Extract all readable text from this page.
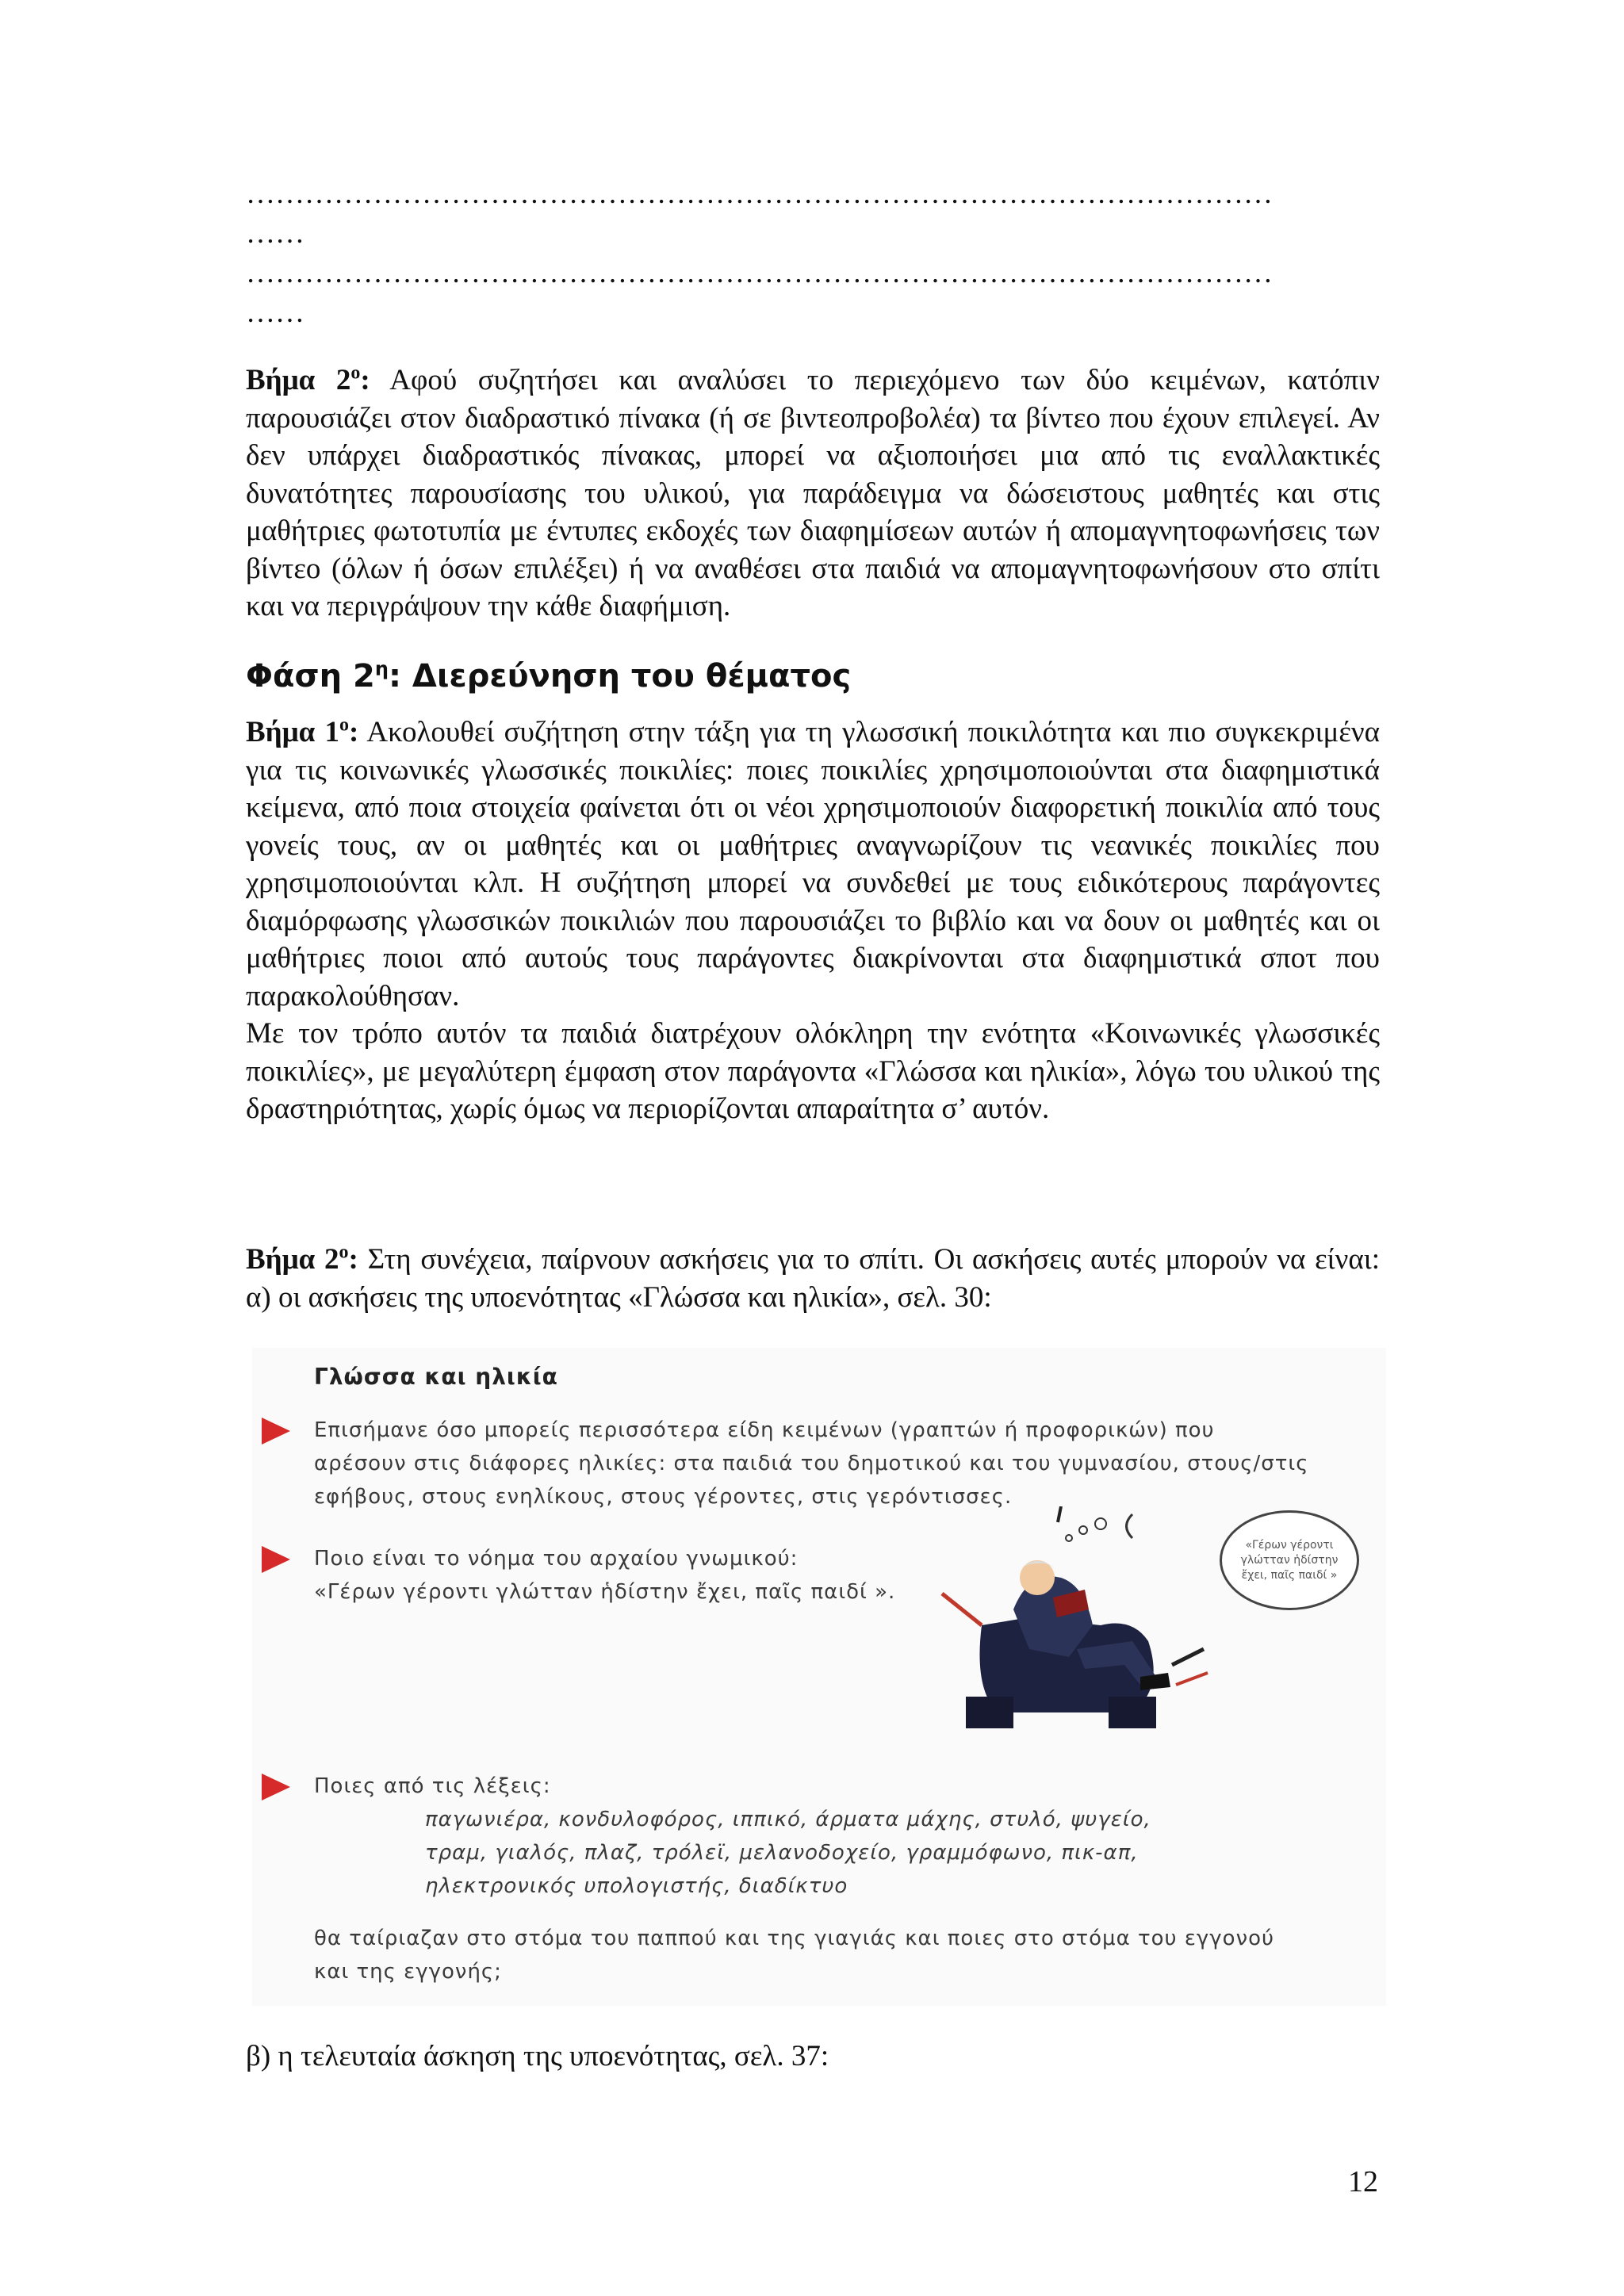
……………………………………………………………………………………………
……
……………………………………………………………………………………………
……

Βήμα $2^o$: Αφού συζητήσει και αναλύσει το περιεχόμενο των δύο κειμένων, κατόπιν παρουσιάζει στον διαδραστικό πίνακα (ή σε βιντεοπροβολέα) τα βίντεο που έχουν επιλεγεί. Αν δεν υπάρχει διαδραστικός πίνακας, μπορεί να αξιοποιήσει μια από τις εναλλακτικές δυνατότητες παρουσίασης του υλικού, για παράδειγμα να δώσειστους μαθητές και στις μαθήτριες φωτοτυπία με έντυπες εκδοχές των διαφημίσεων αυτών ή απομαγνητοφωνήσεις των βίντεο (όλων ή όσων επιλέξει) ή να αναθέσει στα παιδιά να απομαγνητοφωνήσουν στο σπίτι και να περιγράψουν την κάθε διαφήμιση.

Φάση $2^\eta$: Διερεύνηση του θέματος

Βήμα $1^o$: Ακολουθεί συζήτηση στην τάξη για τη γλωσσική ποικιλότητα και πιο συγκεκριμένα για τις κοινωνικές γλωσσικές ποικιλίες: ποιες ποικιλίες χρησιμοποιούνται στα διαφημιστικά κείμενα, από ποια στοιχεία φαίνεται ότι οι νέοι χρησιμοποιούν διαφορετική ποικιλία από τους γονείς τους, αν οι μαθητές και οι μαθήτριες αναγνωρίζουν τις νεανικές ποικιλίες που χρησιμοποιούνται κλπ. Η συζήτηση μπορεί να συνδεθεί με τους ειδικότερους παράγοντες διαμόρφωσης γλωσσικών ποικιλιών που παρουσιάζει το βιβλίο και να δουν οι μαθητές και οι μαθήτριες ποιοι από αυτούς τους παράγοντες διακρίνονται στα διαφημιστικά σποτ που παρακολούθησαν.
Με τον τρόπο αυτόν τα παιδιά διατρέχουν ολόκληρη την ενότητα «Κοινωνικές γλωσσικές ποικιλίες», με μεγαλύτερη έμφαση στον παράγοντα «Γλώσσα και ηλικία», λόγω του υλικού της δραστηριότητας, χωρίς όμως να περιορίζονται απαραίτητα σ’ αυτόν.

Βήμα $2^o$: Στη συνέχεια, παίρνουν ασκήσεις για το σπίτι. Οι ασκήσεις αυτές μπορούν να είναι: α) οι ασκήσεις της υποενότητας «Γλώσσα και ηλικία», σελ. 30:

Γλώσσα και ηλικία
Επισήμανε όσο μπορείς περισσότερα είδη κειμένων (γραπτών ή προφορικών) που
αρέσουν στις διάφορες ηλικίες: στα παιδιά του δημοτικού και του γυμνασίου, στους/στις
εφήβους, στους ενηλίκους, στους γέροντες, στις γερόντισσες.
Ποιο είναι το νόημα του αρχαίου γνωμικού:
«Γέρων γέροντι γλώτταν ἡδίστην ἔχει, παῖς παιδί ».
«Γέρων γέροντι
γλώτταν ἡδίστην
ἔχει, παῖς παιδί »
Ποιες από τις λέξεις:
παγωνιέρα, κονδυλοφόρος, ιππικό, άρματα μάχης, στυλό, ψυγείο,
τραμ, γιαλός, πλαζ, τρόλεϊ, μελανοδοχείο, γραμμόφωνο, πικ-απ,
ηλεκτρονικός υπολογιστής, διαδίκτυο
θα ταίριαζαν στο στόμα του παππού και της γιαγιάς και ποιες στο στόμα του εγγονού
και της εγγονής;

β) η τελευταία άσκηση της υποενότητας, σελ. 37:

12
